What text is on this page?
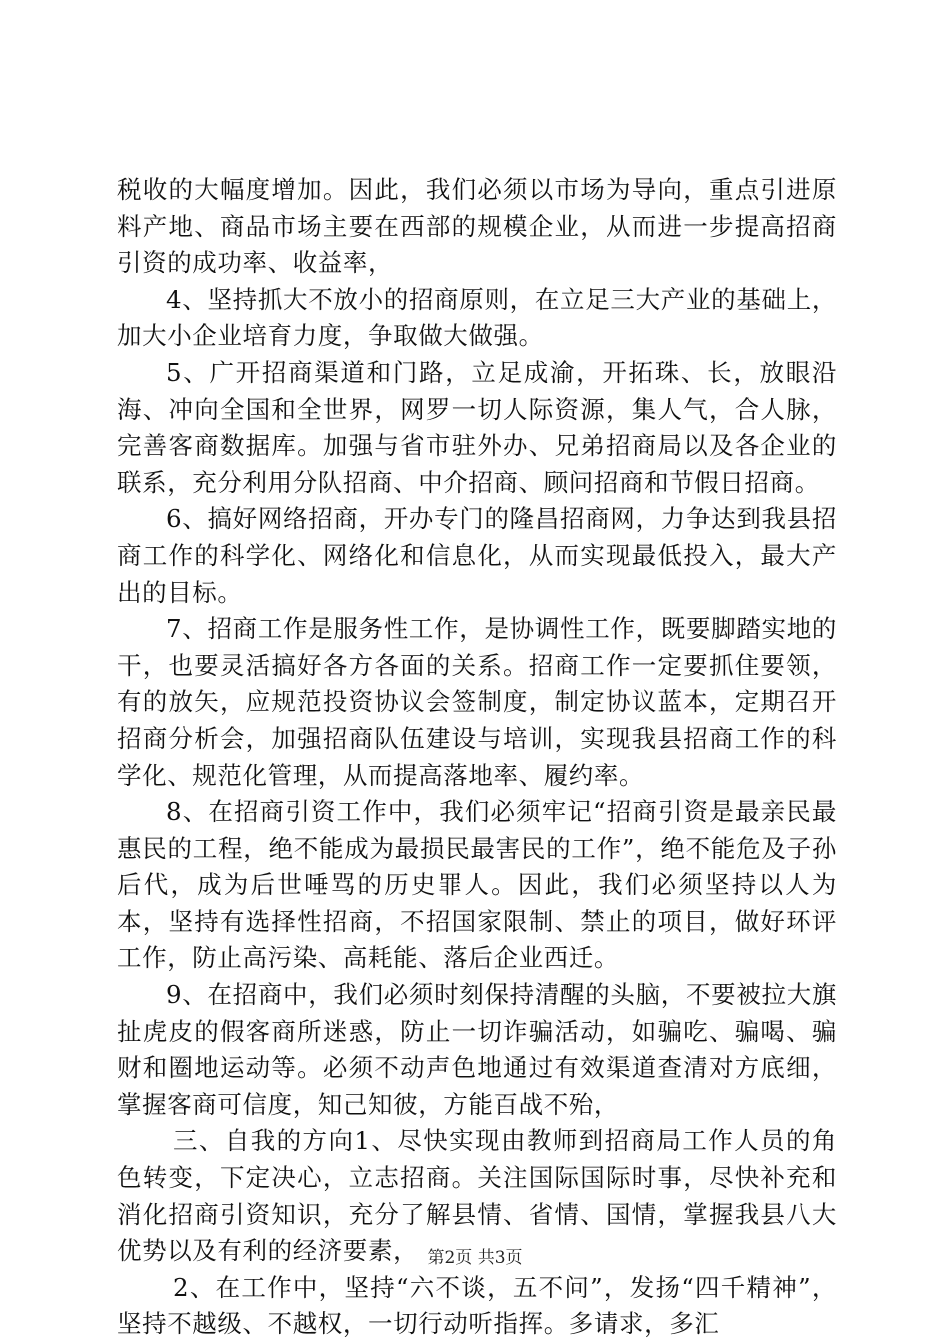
税收的大幅度增加。因此，我们必须以市场为导向，重点引进原料产地、商品市场主要在西部的规模企业，从而进一步提高招商引资的成功率、收益率，

4、坚持抓大不放小的招商原则，在立足三大产业的基础上，加大小企业培育力度，争取做大做强。

5、广开招商渠道和门路，立足成渝，开拓珠、长，放眼沿海、冲向全国和全世界，网罗一切人际资源，集人气，合人脉，完善客商数据库。加强与省市驻外办、兄弟招商局以及各企业的联系，充分利用分队招商、中介招商、顾问招商和节假日招商。

6、搞好网络招商，开办专门的隆昌招商网，力争达到我县招商工作的科学化、网络化和信息化，从而实现最低投入，最大产出的目标。

7、招商工作是服务性工作，是协调性工作，既要脚踏实地的干，也要灵活搞好各方各面的关系。招商工作一定要抓住要领，有的放矢，应规范投资协议会签制度，制定协议蓝本，定期召开招商分析会，加强招商队伍建设与培训，实现我县招商工作的科学化、规范化管理，从而提高落地率、履约率。

8、在招商引资工作中，我们必须牢记“招商引资是最亲民最惠民的工程，绝不能成为最损民最害民的工作”，绝不能危及子孙后代，成为后世唾骂的历史罪人。因此，我们必须坚持以人为本，坚持有选择性招商，不招国家限制、禁止的项目，做好环评工作，防止高污染、高耗能、落后企业西迁。

9、在招商中，我们必须时刻保持清醒的头脑，不要被拉大旗扯虎皮的假客商所迷惑，防止一切诈骗活动，如骗吃、骗喝、骗财和圈地运动等。必须不动声色地通过有效渠道查清对方底细，掌握客商可信度，知己知彼，方能百战不殆，

三、自我的方向1、尽快实现由教师到招商局工作人员的角色转变，下定决心，立志招商。关注国际国际时事，尽快补充和消化招商引资知识，充分了解县情、省情、国情，掌握我县八大优势以及有利的经济要素，

2、在工作中，坚持“六不谈，五不问”，发扬“四千精神”，坚持不越级、不越权，一切行动听指挥。多请求，多汇

第2页 共3页
